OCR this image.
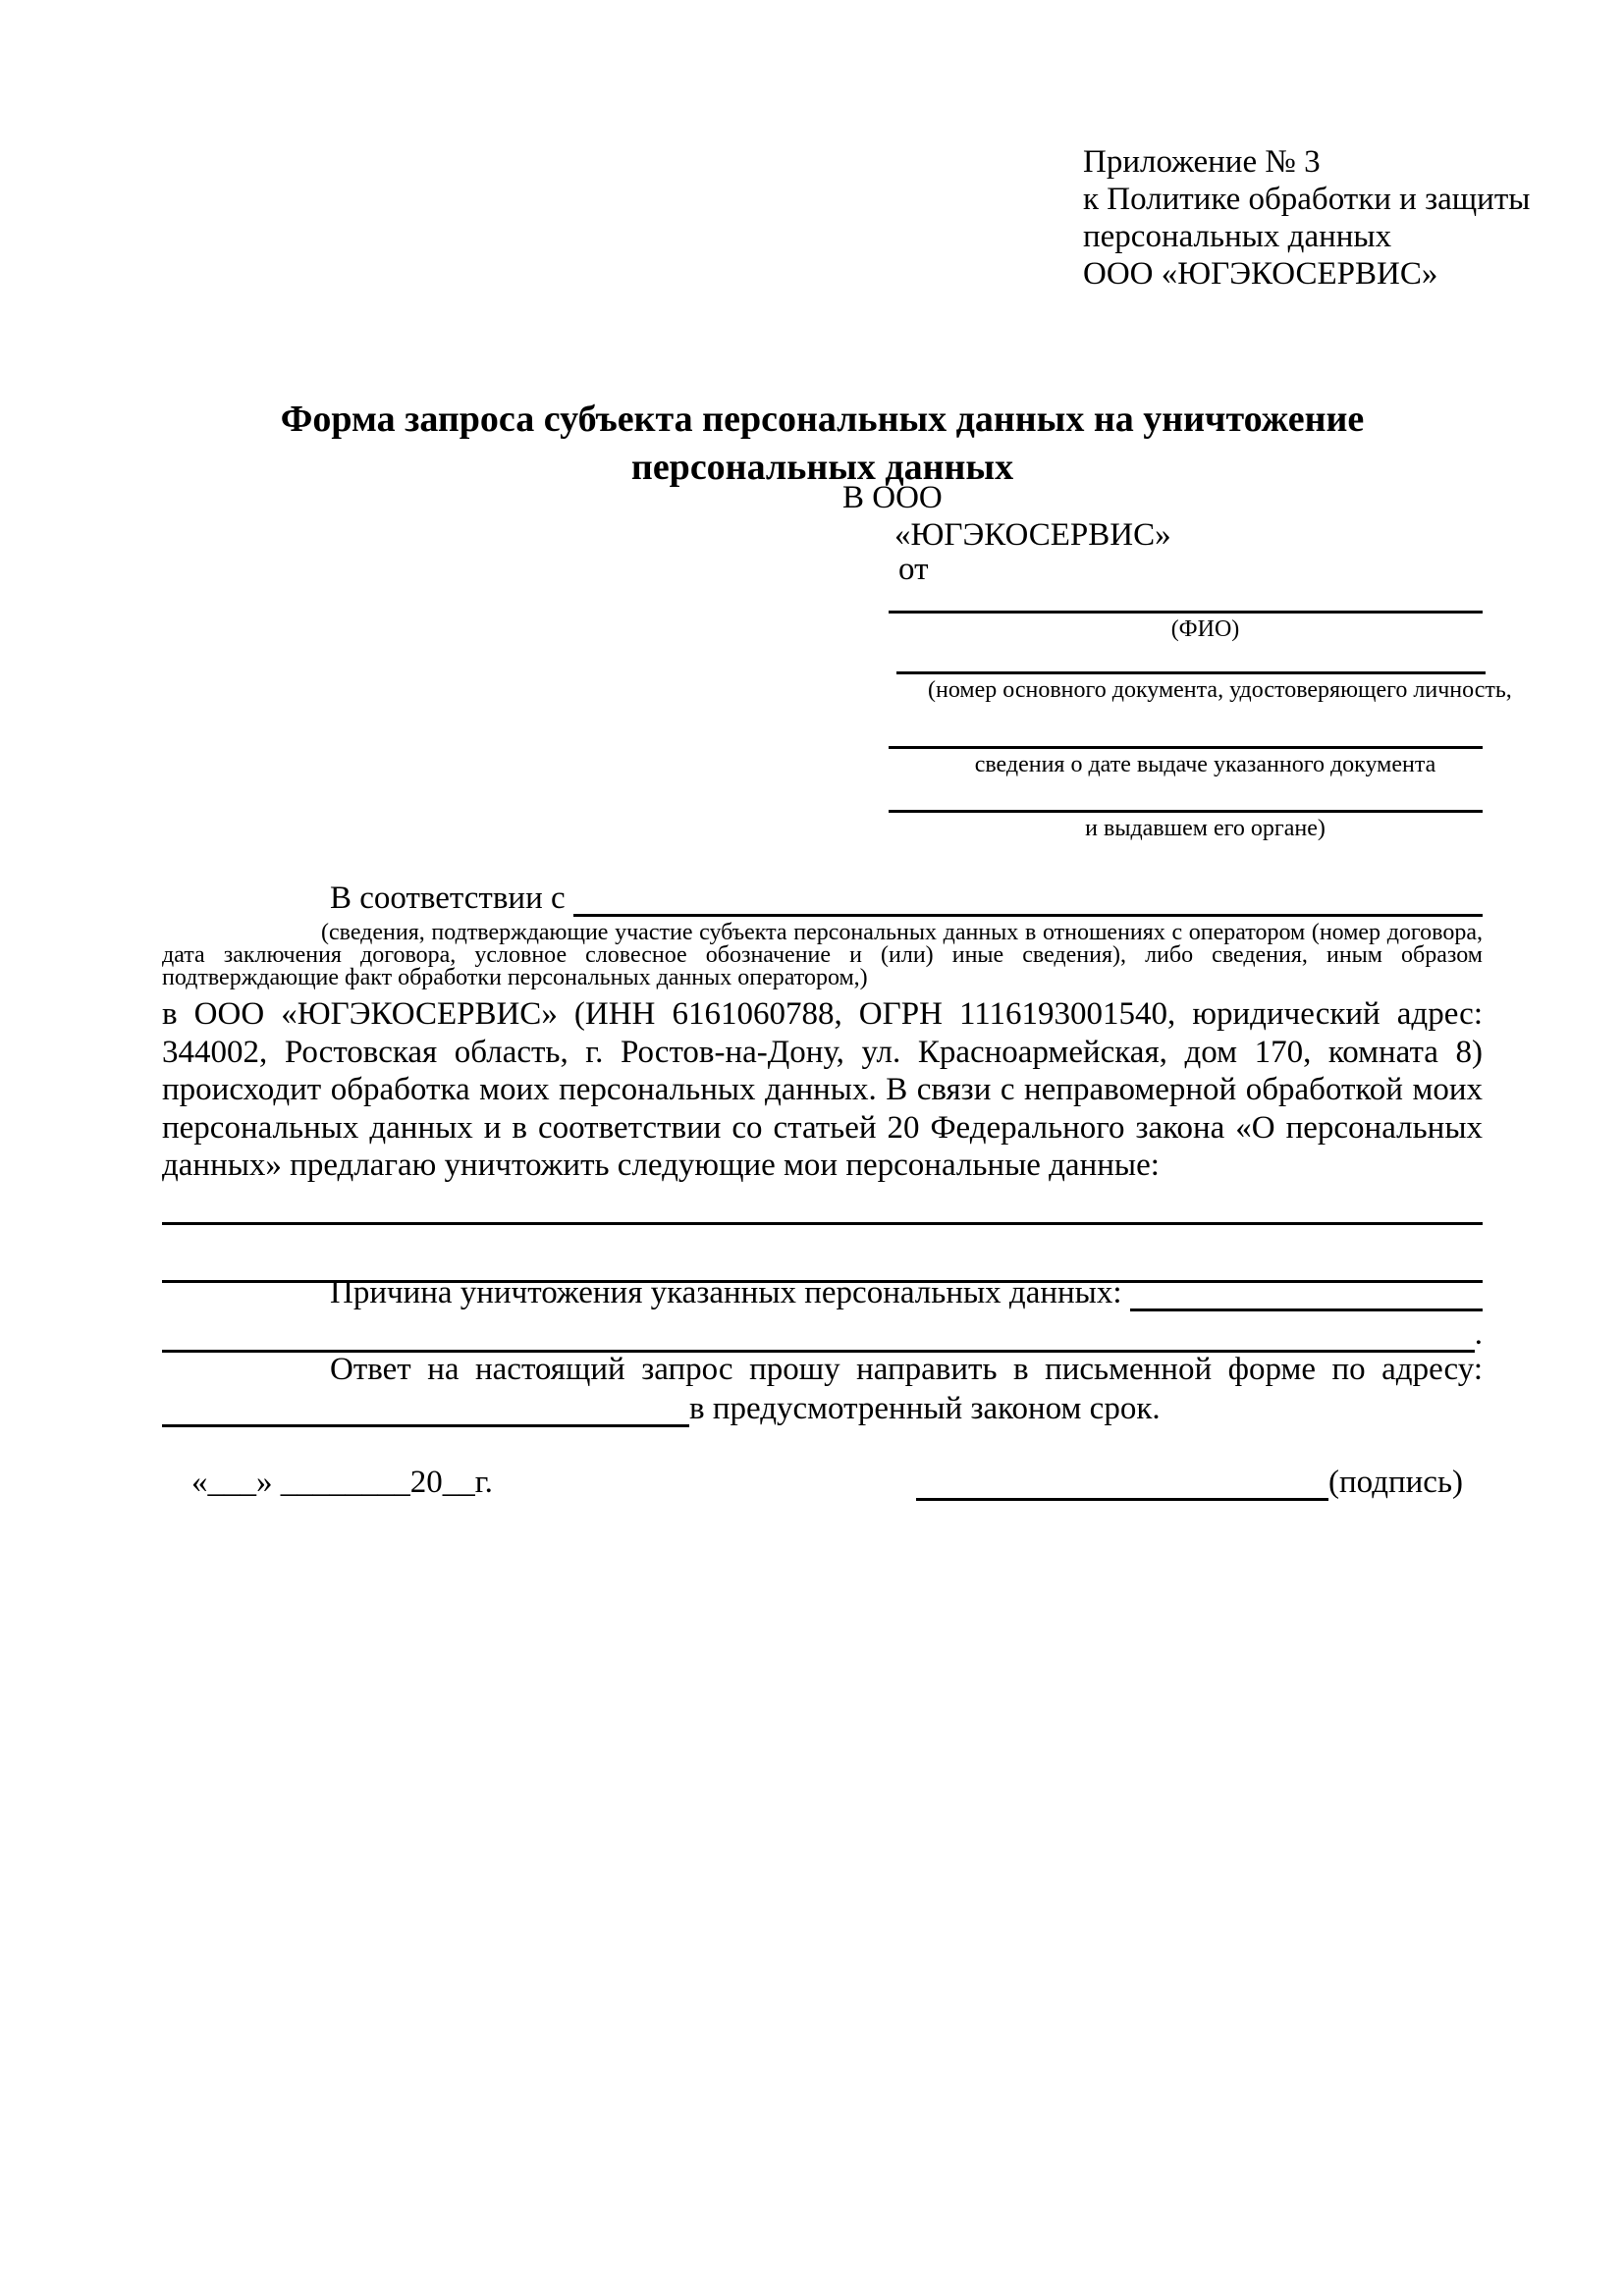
Приложение № 3
к Политике обработки и защиты
персональных данных
ООО «ЮГЭКОСЕРВИС»
Форма запроса субъекта персональных данных на уничтожение
персональных данных
В ООО
«ЮГЭКОСЕРВИС»
от
(ФИО)
(номер основного документа, удостоверяющего личность,
сведения о дате выдаче указанного документа
и выдавшем его органе)
В соответствии с

(сведения, подтверждающие участие субъекта персональных данных в отношениях с оператором (номер договора, дата заключения договора, условное словесное обозначение и (или) иные сведения), либо сведения, иным образом подтверждающие факт обработки персональных данных оператором,)
в ООО «ЮГЭКОСЕРВИС» (ИНН 6161060788, ОГРН 1116193001540, юридический адрес: 344002, Ростовская область, г. Ростов-на-Дону, ул. Красноармейская, дом 170, комната 8) происходит обработка моих персональных данных. В связи с неправомерной обработкой моих персональных данных и в соответствии со статьей 20 Федерального закона «О персональных данных» предлагаю уничтожить следующие мои персональные данные:
Причина уничтожения указанных персональных данных:

.
Ответ на настоящий запрос прошу направить в письменной форме по адресу:
в предусмотренный законом срок.
«___» ________20__г.	(подпись)
